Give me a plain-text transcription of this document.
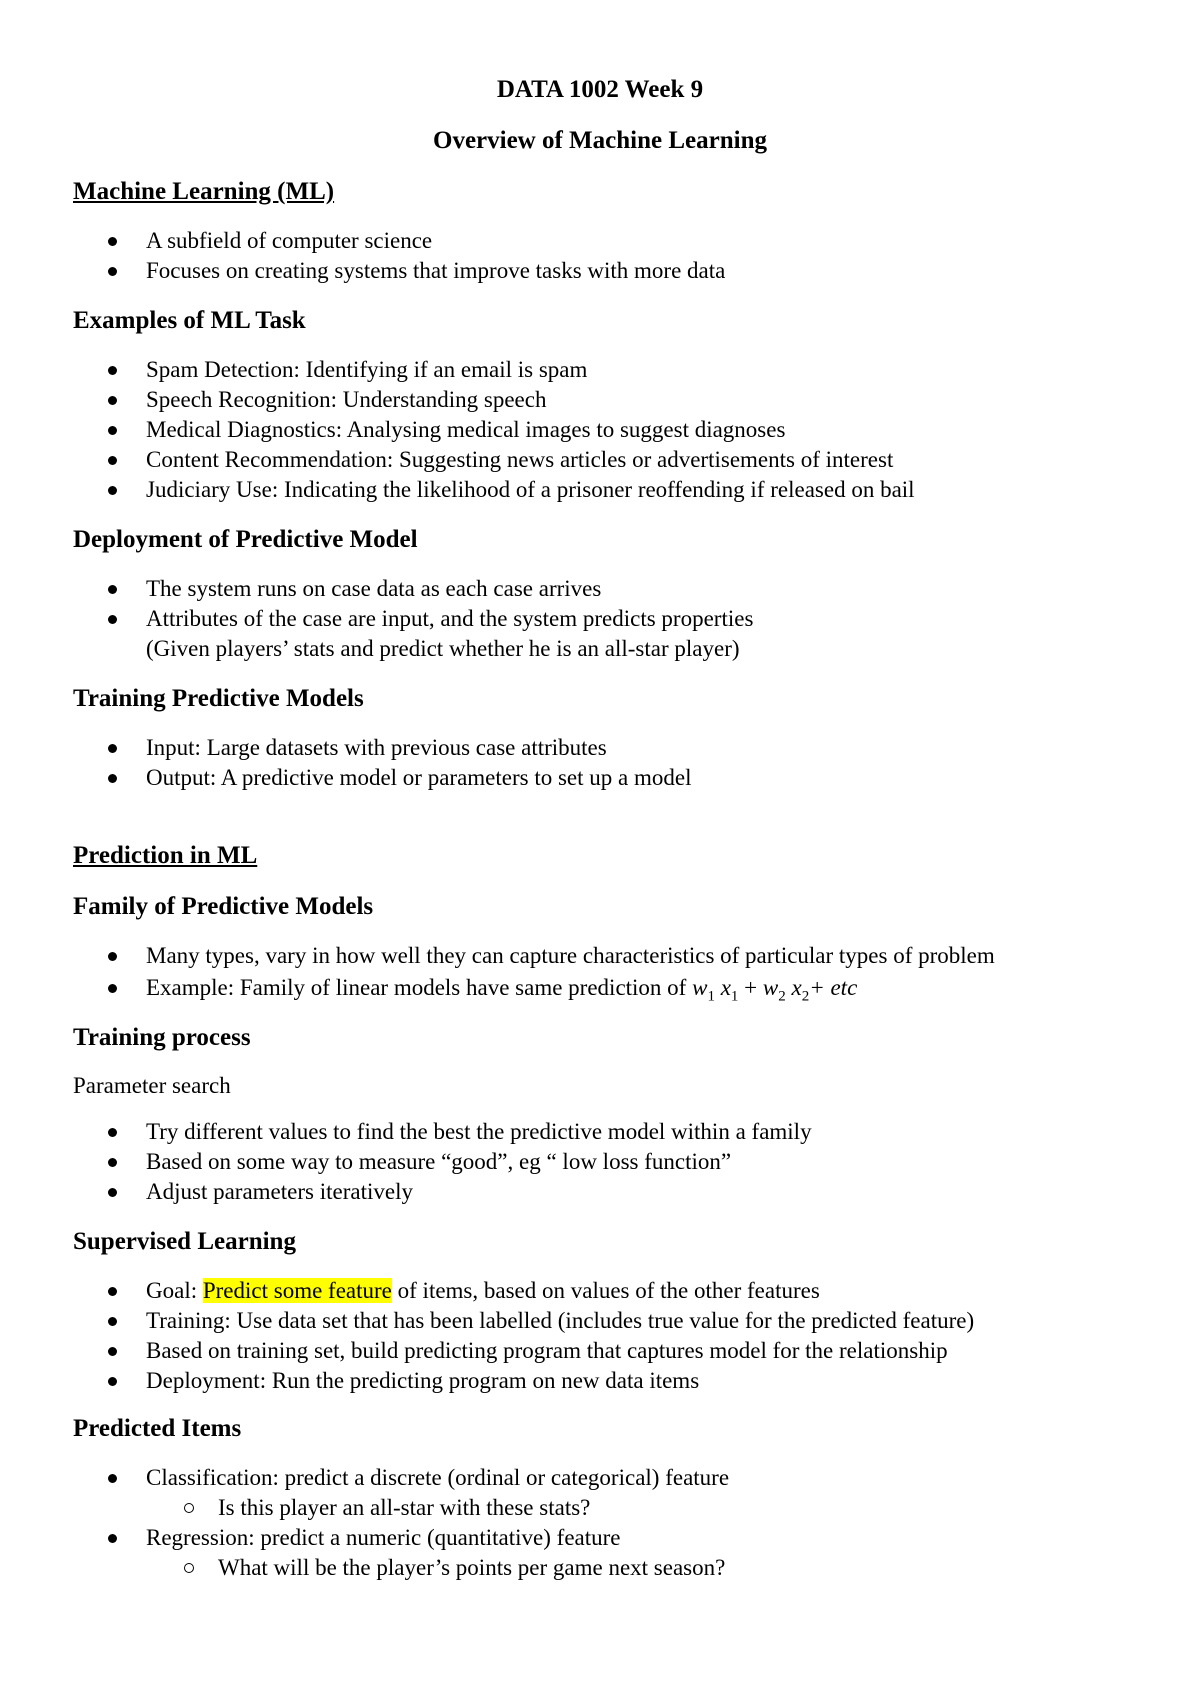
DATA 1002 Week 9
Overview of Machine Learning
Machine Learning (ML)
A subfield of computer science
Focuses on creating systems that improve tasks with more data
Examples of ML Task
Spam Detection: Identifying if an email is spam
Speech Recognition: Understanding speech
Medical Diagnostics: Analysing medical images to suggest diagnoses
Content Recommendation: Suggesting news articles or advertisements of interest
Judiciary Use: Indicating the likelihood of a prisoner reoffending if released on bail
Deployment of Predictive Model
The system runs on case data as each case arrives
Attributes of the case are input, and the system predicts properties
(Given players’ stats and predict whether he is an all-star player)
Training Predictive Models
Input: Large datasets with previous case attributes
Output: A predictive model or parameters to set up a model
Prediction in ML
Family of Predictive Models
Many types, vary in how well they can capture characteristics of particular types of problem
Example: Family of linear models have same prediction of $w_1$ $x_1 + w_2$ $x_2+$ etc
Training process
Parameter search
Try different values to find the best the predictive model within a family
Based on some way to measure “good”, eg “ low loss function”
Adjust parameters iteratively
Supervised Learning
Goal: Predict some feature of items, based on values of the other features
Training: Use data set that has been labelled (includes true value for the predicted feature)
Based on training set, build predicting program that captures model for the relationship
Deployment: Run the predicting program on new data items
Predicted Items
Classification: predict a discrete (ordinal or categorical) feature
Is this player an all-star with these stats?
Regression: predict a numeric (quantitative) feature
What will be the player’s points per game next season?
